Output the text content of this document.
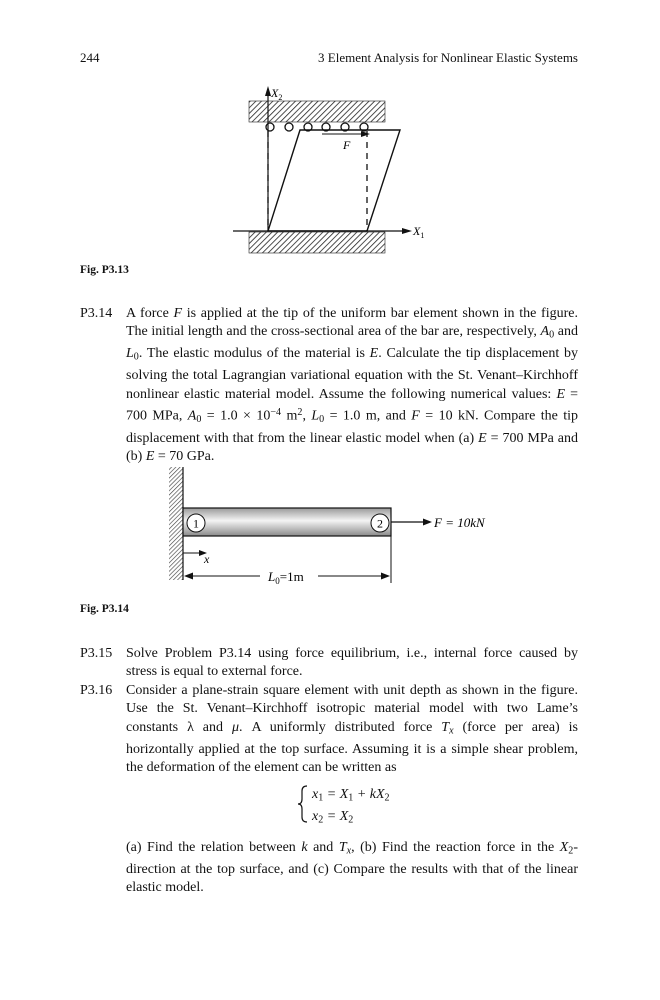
244	3 Element Analysis for Nonlinear Elastic Systems
$X_2$
F
$X_1$
Fig. P3.13
P3.14 A force F is applied at the tip of the uniform bar element shown in the figure. The initial length and the cross-sectional area of the bar are, respectively, $A_0$ and $L_0$. The elastic modulus of the material is E. Calculate the tip displacement by solving the total Lagrangian variational equation with the St. Venant–Kirchhoff nonlinear elastic material model. Assume the following numerical values: E = 700 MPa, $A_0 = 1.0 \times 10^{-4}$ $m^2$, $L_0 = 1.0$ m, and F = 10 kN. Compare the tip displacement with that from the linear elastic model when (a) E = 700 MPa and (b) E = 70 GPa.
1	2	F = 10kN
x
$L_0=1m$
Fig. P3.14
P3.15 Solve Problem P3.14 using force equilibrium, i.e., internal force caused by stress is equal to external force.
P3.16 Consider a plane-strain square element with unit depth as shown in the figure. Use the St. Venant–Kirchhoff isotropic material model with two Lame’s constants λ and μ. A uniformly distributed force $T_x$ (force per area) is horizontally applied at the top surface. Assuming it is a simple shear problem, the deformation of the element can be written as
$x_1 = X_1 + kX_2$
$x_2 = X_2$
(a) Find the relation between k and $T_x$, (b) Find the reaction force in the $X_2$-direction at the top surface, and (c) Compare the results with that of the linear elastic model.
